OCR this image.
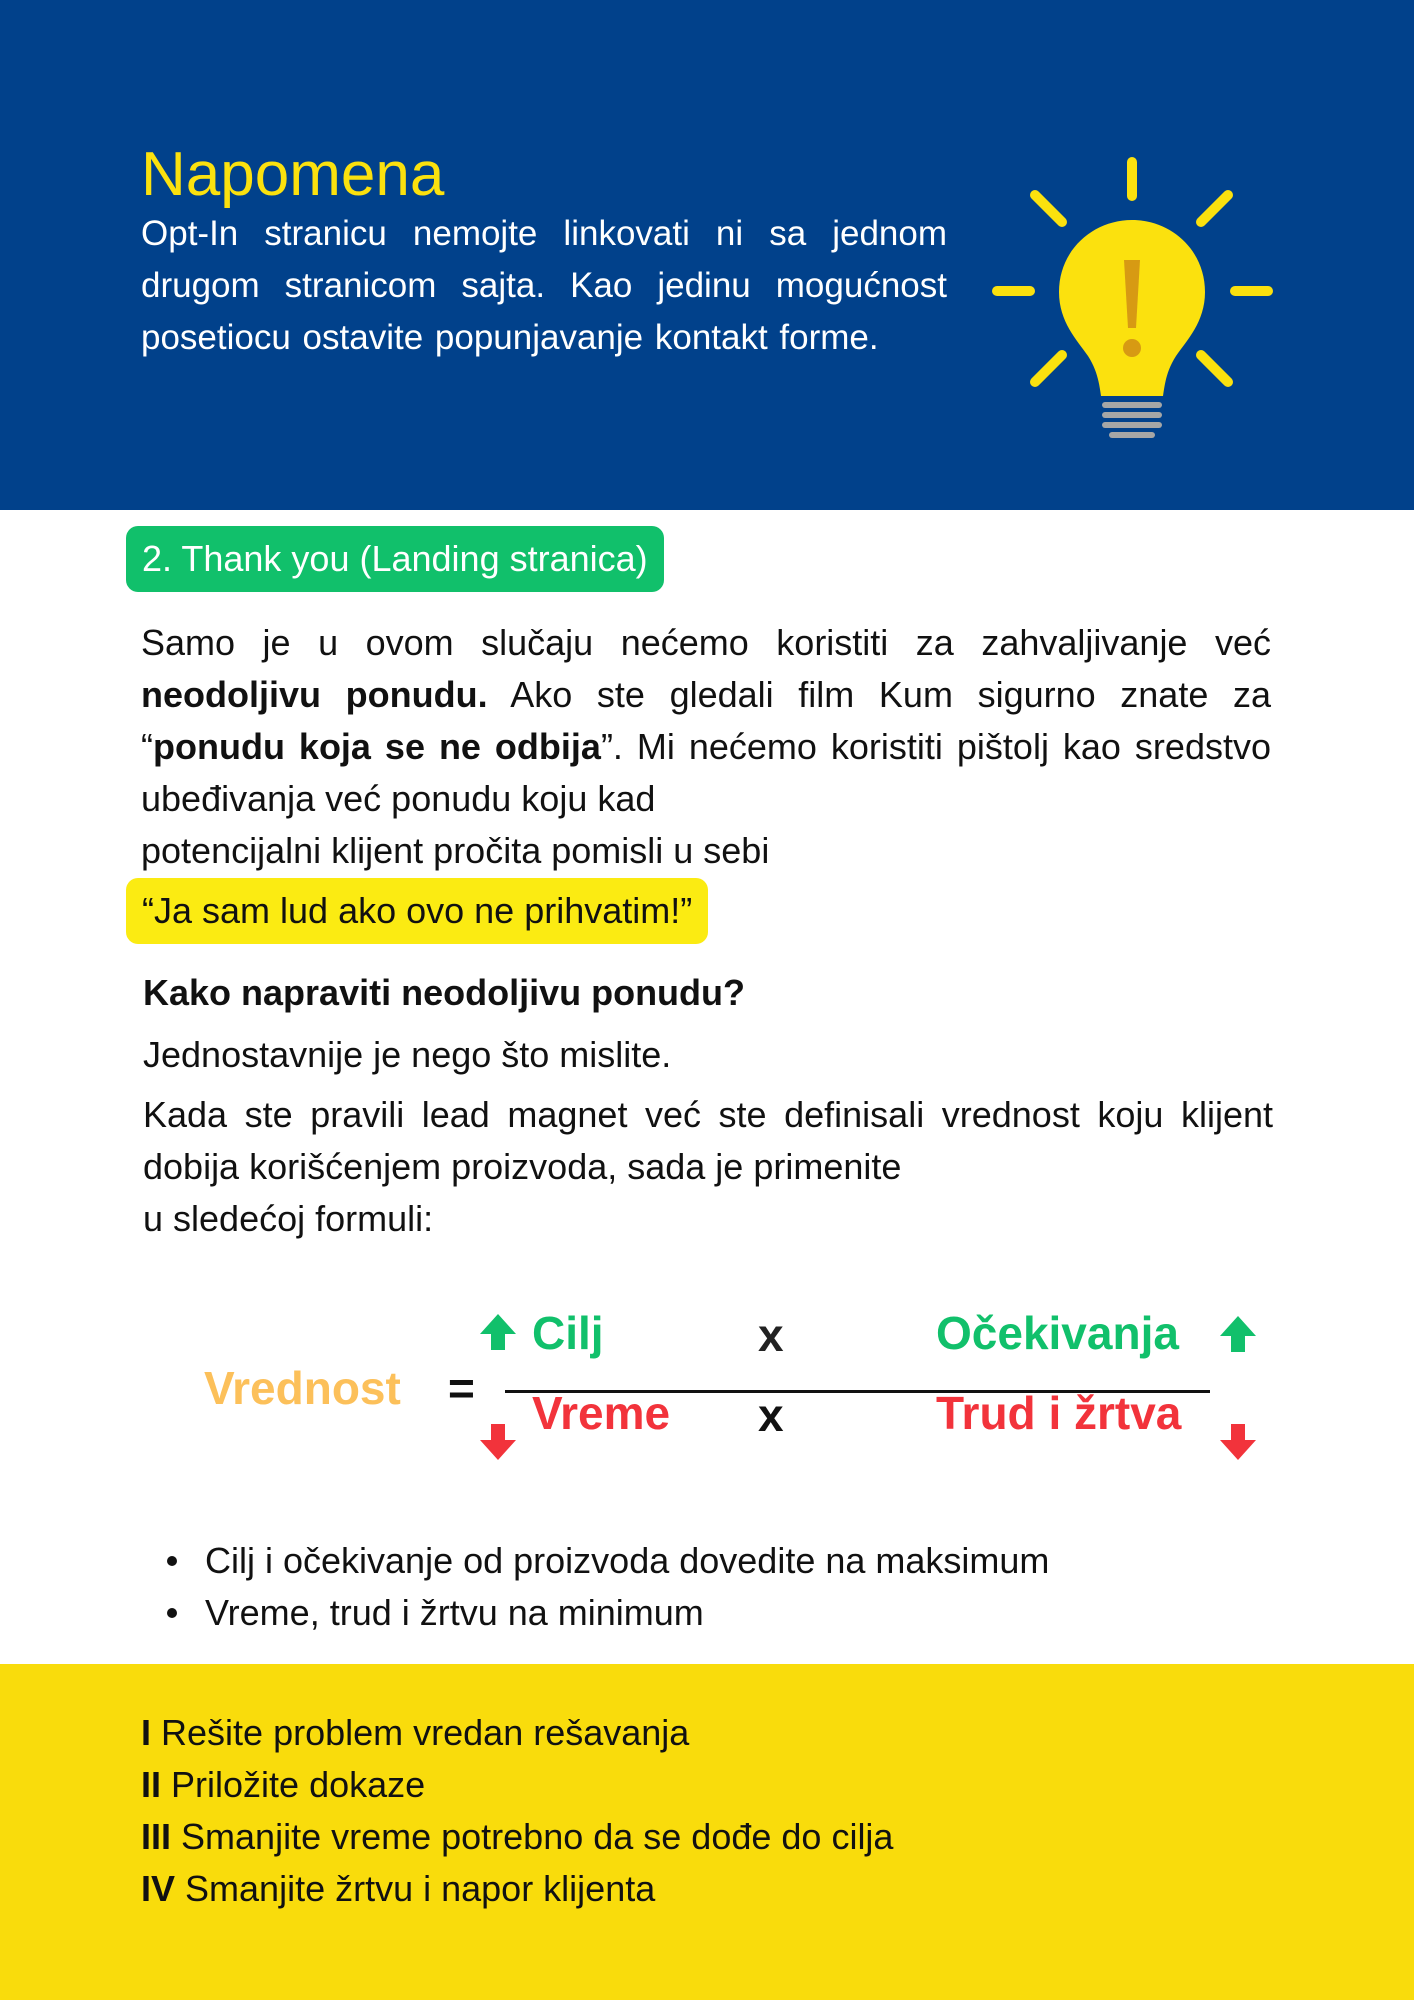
Napomena

Opt-In stranicu nemojte linkovati ni sa jednom drugom stranicom sajta. Kao jedinu mogućnost posetiocu ostavite popunjavanje kontakt forme.

2. Thank you (Landing stranica)
Samo je u ovom slučaju nećemo koristiti za zahvaljivanje već neodoljivu ponudu. Ako ste gledali film Kum sigurno znate za “ponudu koja se ne odbija”. Mi nećemo koristiti pištolj kao sredstvo ubeđivanja već ponudu koju kad
potencijalni klijent pročita pomisli u sebi
“Ja sam lud ako ovo ne prihvatim!”
Kako napraviti neodoljivu ponudu?

Jednostavnije je nego što mislite.

Kada ste pravili lead magnet već ste definisali vrednost koju klijent dobija korišćenjem proizvoda, sada je primenite
u sledećoj formuli:
Vrednost =
Cilj	x	Očekivanja
Vreme x	Trud i žrtva
Cilj i očekivanje od proizvoda dovedite na maksimum
Vreme, trud i žrtvu na minimum
I Rešite problem vredan rešavanja
II Priložite dokaze
III Smanjite vreme potrebno da se dođe do cilja
IV Smanjite žrtvu i napor klijenta
